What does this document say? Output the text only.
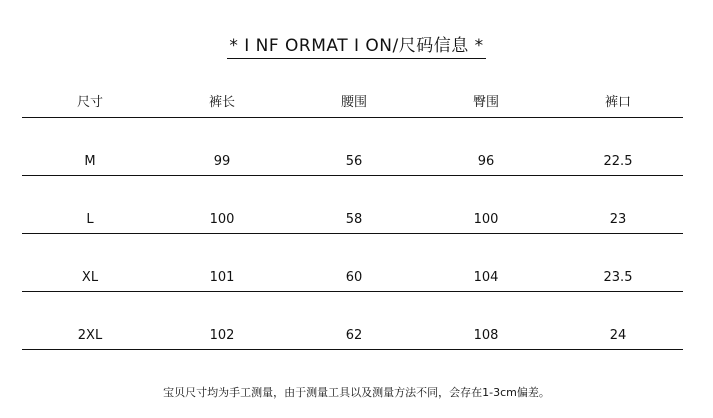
* I NF ORMAT I ON/尺码信息 *
尺寸	裤长	腰围	臀围	裤口
M	99	56	96	22.5
L	100	58	100	23
XL	101	60	104	23.5
2XL	102	62	108	24
宝贝尺寸均为手工测量，由于测量工具以及测量方法不同，会存在1-3cm偏差。
